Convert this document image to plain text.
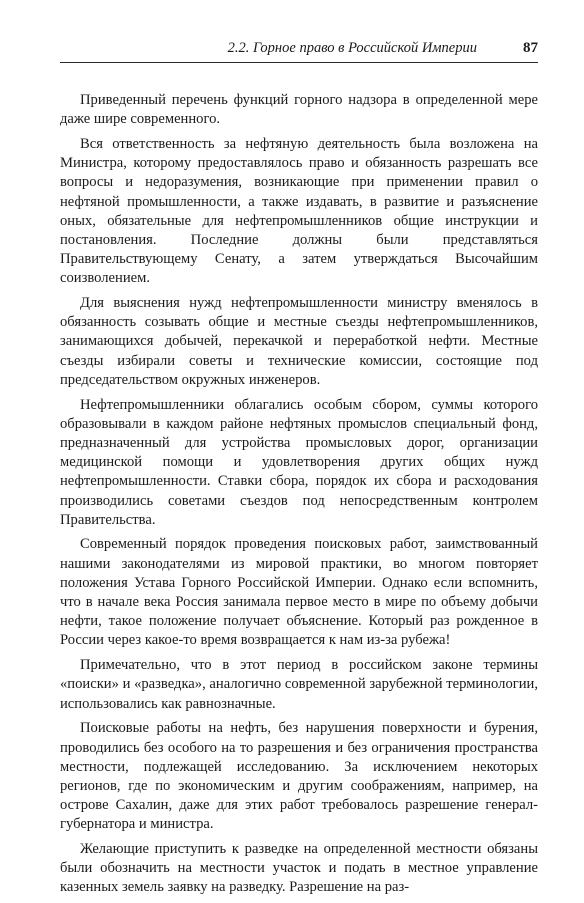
2.2. Горное право в Российской Империи	87

Приведенный перечень функций горного надзора в определенной мере даже шире современного.

Вся ответственность за нефтяную деятельность была возложена на Министра, которому предоставлялось право и обязанность разрешать все вопросы и недоразумения, возникающие при применении правил о нефтяной промышленности, а также издавать, в развитие и разъяснение оных, обязательные для нефтепромышленников общие инструкции и постановления. Последние должны были представляться Правительствующему Сенату, а затем утверждаться Высочайшим соизволением.

Для выяснения нужд нефтепромышленности министру вменялось в обязанность созывать общие и местные съезды нефтепромышленников, занимающихся добычей, перекачкой и переработкой нефти. Местные съезды избирали советы и технические комиссии, состоящие под председательством окружных инженеров.

Нефтепромышленники облагались особым сбором, суммы которого образовывали в каждом районе нефтяных промыслов специальный фонд, предназначенный для устройства промысловых дорог, организации медицинской помощи и удовлетворения других общих нужд нефтепромышленности. Ставки сбора, порядок их сбора и расходования производились советами съездов под непосредственным контролем Правительства.

Современный порядок проведения поисковых работ, заимствованный нашими законодателями из мировой практики, во многом повторяет положения Устава Горного Российской Империи. Однако если вспомнить, что в начале века Россия занимала первое место в мире по объему добычи нефти, такое положение получает объяснение. Который раз рожденное в России через какое-то время возвращается к нам из-за рубежа!

Примечательно, что в этот период в российском законе термины «поиски» и «разведка», аналогично современной зарубежной терминологии, использовались как равнозначные.

Поисковые работы на нефть, без нарушения поверхности и бурения, проводились без особого на то разрешения и без ограничения пространства местности, подлежащей исследованию. За исключением некоторых регионов, где по экономическим и другим соображениям, например, на острове Сахалин, даже для этих работ требовалось разрешение генерал-губернатора и министра.

Желающие приступить к разведке на определенной местности обязаны были обозначить на местности участок и подать в местное управление казенных земель заявку на разведку. Разрешение на раз-
